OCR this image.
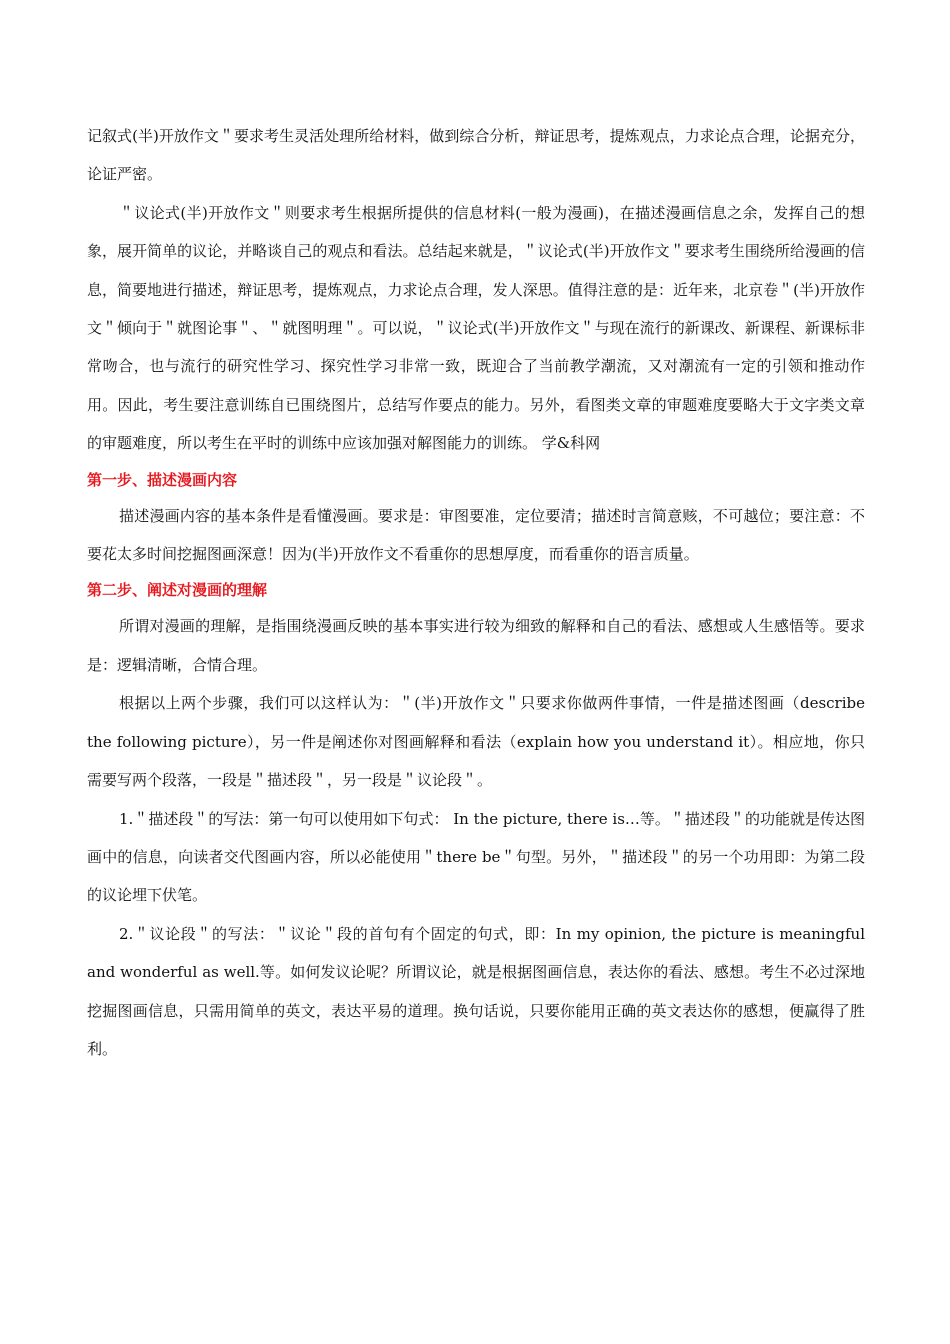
记叙式(半)开放作文＂要求考生灵活处理所给材料，做到综合分析，辩证思考，提炼观点，力求论点合理，论据充分，论证严密。

＂议论式(半)开放作文＂则要求考生根据所提供的信息材料(一般为漫画)，在描述漫画信息之余，发挥自己的想象，展开简单的议论，并略谈自己的观点和看法。总结起来就是，＂议论式(半)开放作文＂要求考生围绕所给漫画的信息，简要地进行描述，辩证思考，提炼观点，力求论点合理，发人深思。值得注意的是：近年来，北京卷＂(半)开放作文＂倾向于＂就图论事＂、＂就图明理＂。可以说，＂议论式(半)开放作文＂与现在流行的新课改、新课程、新课标非常吻合，也与流行的研究性学习、探究性学习非常一致，既迎合了当前教学潮流，又对潮流有一定的引领和推动作用。因此，考生要注意训练自已围绕图片，总结写作要点的能力。另外，看图类文章的审题难度要略大于文字类文章的审题难度，所以考生在平时的训练中应该加强对解图能力的训练。 学&科网

第一步、描述漫画内容

描述漫画内容的基本条件是看懂漫画。要求是：审图要准，定位要清；描述时言简意赅，不可越位；要注意：不要花太多时间挖掘图画深意！因为(半)开放作文不看重你的思想厚度，而看重你的语言质量。

第二步、阐述对漫画的理解

所谓对漫画的理解，是指围绕漫画反映的基本事实进行较为细致的解释和自己的看法、感想或人生感悟等。要求是：逻辑清晰，合情合理。

根据以上两个步骤，我们可以这样认为：＂(半)开放作文＂只要求你做两件事情，一件是描述图画（describe the following picture），另一件是阐述你对图画解释和看法（explain how you understand it）。相应地，你只需要写两个段落，一段是＂描述段＂，另一段是＂议论段＂。

1.＂描述段＂的写法：第一句可以使用如下句式： In the picture, there is…等。＂描述段＂的功能就是传达图画中的信息，向读者交代图画内容，所以必能使用＂there be＂句型。另外，＂描述段＂的另一个功用即：为第二段的议论埋下伏笔。

2.＂议论段＂的写法：＂议论＂段的首句有个固定的句式，即：In my opinion, the picture is meaningful and wonderful as well.等。如何发议论呢？所谓议论，就是根据图画信息，表达你的看法、感想。考生不必过深地挖掘图画信息，只需用简单的英文，表达平易的道理。换句话说，只要你能用正确的英文表达你的感想，便赢得了胜利。
